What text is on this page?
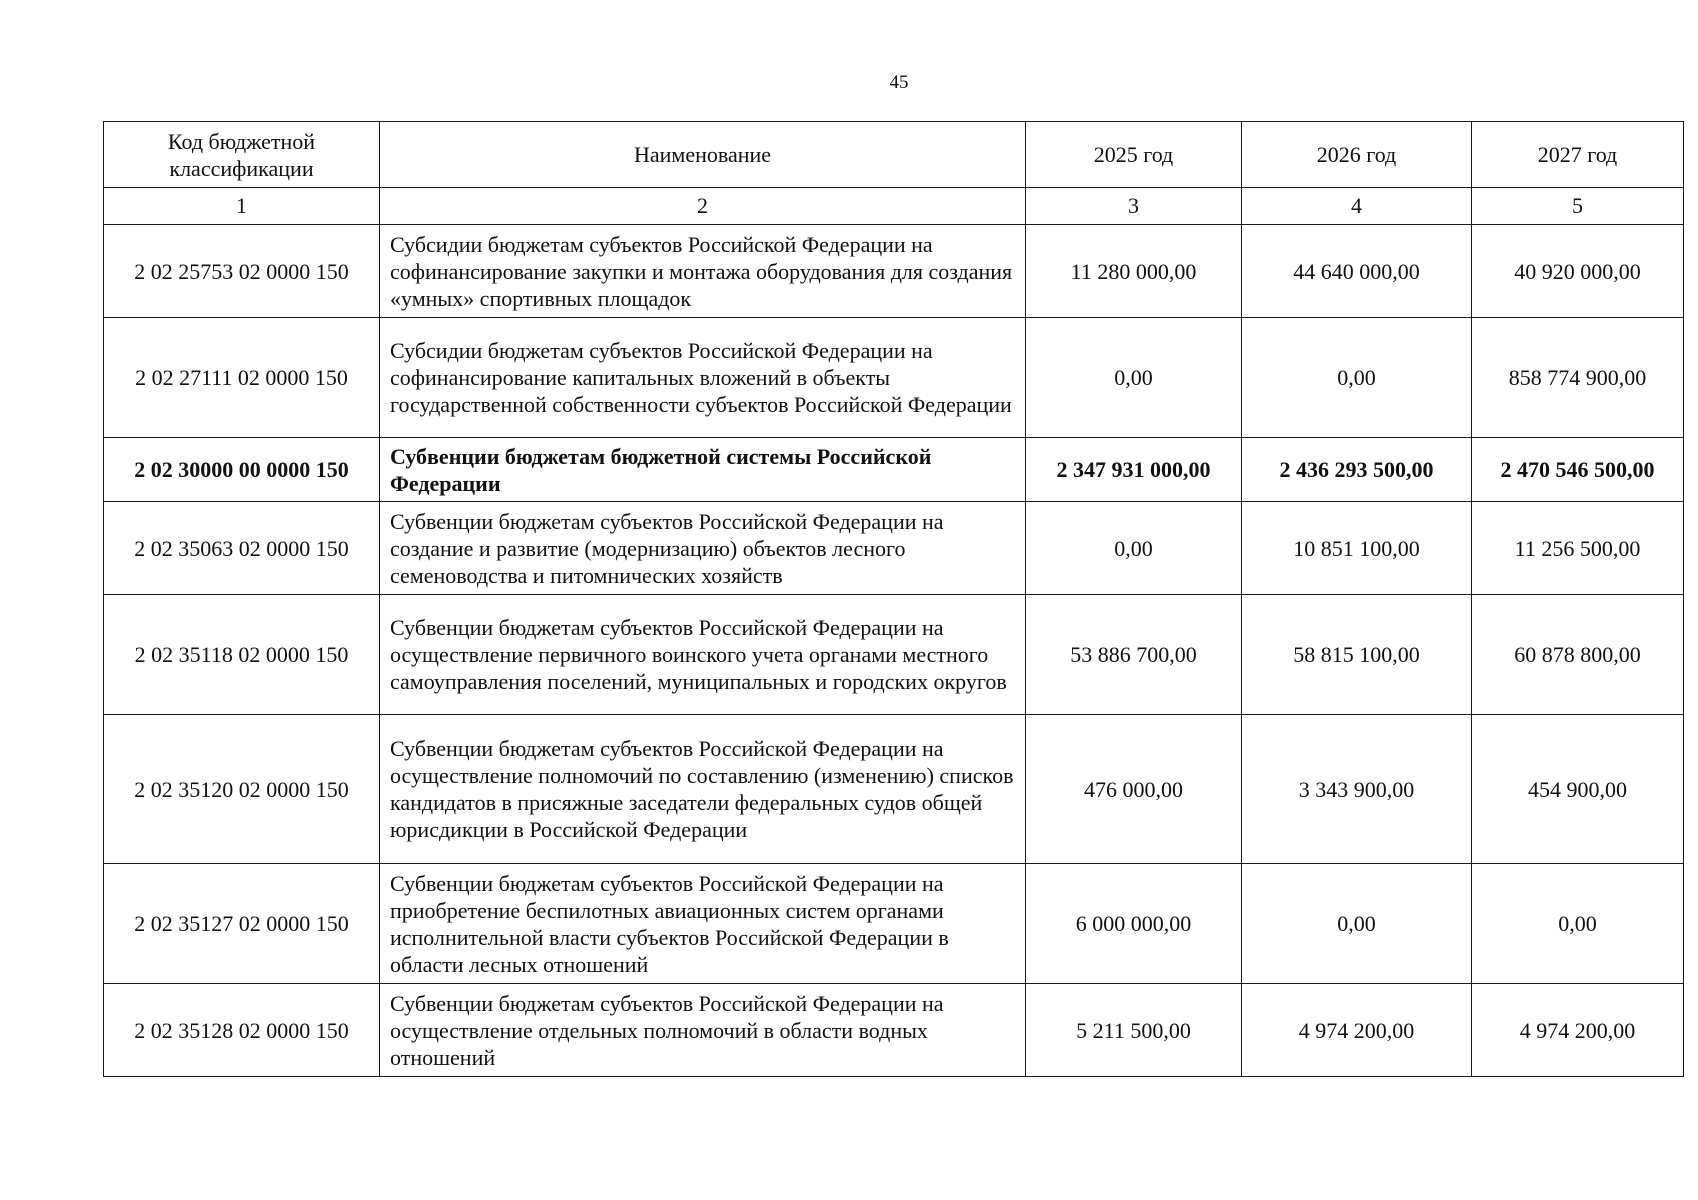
45
Код бюджетной классификации	Наименование	2025 год	2026 год	2027 год
1	2	3	4	5
2 02 25753 02 0000 150	Субсидии бюджетам субъектов Российской Федерации на софинансирование закупки и монтажа оборудования для создания «умных» спортивных площадок	11 280 000,00	44 640 000,00	40 920 000,00
2 02 27111 02 0000 150	Субсидии бюджетам субъектов Российской Федерации на софинансирование капитальных вложений в объекты государственной собственности субъектов Российской Федерации	0,00	0,00	858 774 900,00
2 02 30000 00 0000 150	Субвенции бюджетам бюджетной системы Российской Федерации	2 347 931 000,00	2 436 293 500,00	2 470 546 500,00
2 02 35063 02 0000 150	Субвенции бюджетам субъектов Российской Федерации на создание и развитие (модернизацию) объектов лесного семеноводства и питомнических хозяйств	0,00	10 851 100,00	11 256 500,00
2 02 35118 02 0000 150	Субвенции бюджетам субъектов Российской Федерации на осуществление первичного воинского учета органами местного самоуправления поселений, муниципальных и городских округов	53 886 700,00	58 815 100,00	60 878 800,00
2 02 35120 02 0000 150	Субвенции бюджетам субъектов Российской Федерации на осуществление полномочий по составлению (изменению) списков кандидатов в присяжные заседатели федеральных судов общей юрисдикции в Российской Федерации	476 000,00	3 343 900,00	454 900,00
2 02 35127 02 0000 150	Субвенции бюджетам субъектов Российской Федерации на приобретение беспилотных авиационных систем органами исполнительной власти субъектов Российской Федерации в области лесных отношений	6 000 000,00	0,00	0,00
2 02 35128 02 0000 150	Субвенции бюджетам субъектов Российской Федерации на осуществление отдельных полномочий в области водных отношений	5 211 500,00	4 974 200,00	4 974 200,00
